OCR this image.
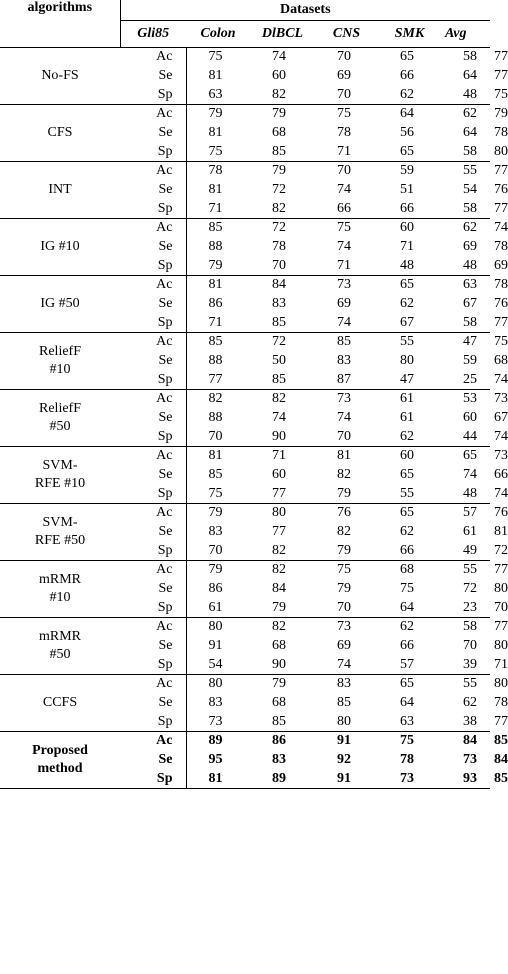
algorithms	Datasets						
	Gli85	Colon	DlBCL	CNS	SMK	Avg	
No-FS	Ac	75	74	70	65	58	77
	Se	81	60	69	66	64	77
	Sp	63	82	70	62	48	75
CFS	Ac	79	79	75	64	62	79
	Se	81	68	78	56	64	78
	Sp	75	85	71	65	58	80
INT	Ac	78	79	70	59	55	77
	Se	81	72	74	51	54	76
	Sp	71	82	66	66	58	77
IG #10	Ac	85	72	75	60	62	74
	Se	88	78	74	71	69	78
	Sp	79	70	71	48	48	69
IG #50	Ac	81	84	73	65	63	78
	Se	86	83	69	62	67	76
	Sp	71	85	74	67	58	77
ReliefF
#10	Ac	85	72	85	55	47	75
	Se	88	50	83	80	59	68
	Sp	77	85	87	47	25	74
ReliefF
#50	Ac	82	82	73	61	53	73
	Se	88	74	74	61	60	67
	Sp	70	90	70	62	44	74
SVM-
RFE #10	Ac	81	71	81	60	65	73
	Se	85	60	82	65	74	66
	Sp	75	77	79	55	48	74
SVM-
RFE #50	Ac	79	80	76	65	57	76
	Se	83	77	82	62	61	81
	Sp	70	82	79	66	49	72
mRMR
#10	Ac	79	82	75	68	55	77
	Se	86	84	79	75	72	80
	Sp	61	79	70	64	23	70
mRMR
#50	Ac	80	82	73	62	58	77
	Se	91	68	69	66	70	80
	Sp	54	90	74	57	39	71
CCFS	Ac	80	79	83	65	55	80
	Se	83	68	85	64	62	78
	Sp	73	85	80	63	38	77
Proposed
method	Ac	89	86	91	75	84	85
	Se	95	83	92	78	73	84
	Sp	81	89	91	73	93	85
